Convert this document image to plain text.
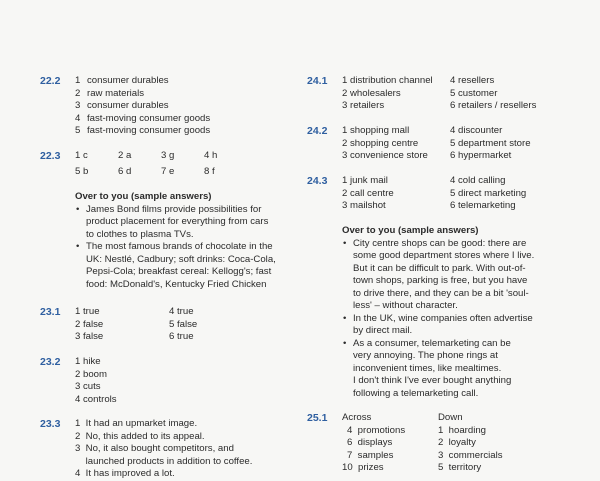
22.2 1 consumer durables
2 raw materials
3 consumer durables
4 fast-moving consumer goods
5 fast-moving consumer goods
22.3 1 c	2 a	3 g	4 h
5 b	6 d	7 e	8 f
Over to you (sample answers)
• James Bond films provide possibilities for
product placement for everything from cars
to clothes to plasma TVs.
• The most famous brands of chocolate in the
UK: Nestlé, Cadbury; soft drinks: Coca-Cola,
Pepsi-Cola; breakfast cereal: Kellogg's; fast
food: McDonald's, Kentucky Fried Chicken
23.1 1 true	4 true
2 false	5 false
3 false	6 true
23.2 1 hike
2 boom
3 cuts
4 controls
23.3 1  It had an upmarket image.
2  No, this added to its appeal.
3  No, it also bought competitors, and
launched products in addition to coffee.
4  It has improved a lot.
24.1 1 distribution channel 4 resellers
2 wholesalers	5 customer
3 retailers	6 retailers / resellers
24.2 1 shopping mall	4 discounter
2 shopping centre	5 department store
3 convenience store 6 hypermarket
24.3 1 junk mail	4 cold calling
2 call centre	5 direct marketing
3 mailshot	6 telemarketing
Over to you (sample answers)
• City centre shops can be good: there are
some good department stores where I live.
But it can be difficult to park. With out-of-
town shops, parking is free, but you have
to drive there, and they can be a bit 'soul-
less' – without character.
• In the UK, wine companies often advertise
by direct mail.
• As a consumer, telemarketing can be
very annoying. The phone rings at
inconvenient times, like mealtimes.
I don't think I've ever bought anything
following a telemarketing call.
25.1 Across	Down
4  promotions	1  hoarding
6  displays	2  loyalty
7  samples	3  commercials
10  prizes	5  territory
